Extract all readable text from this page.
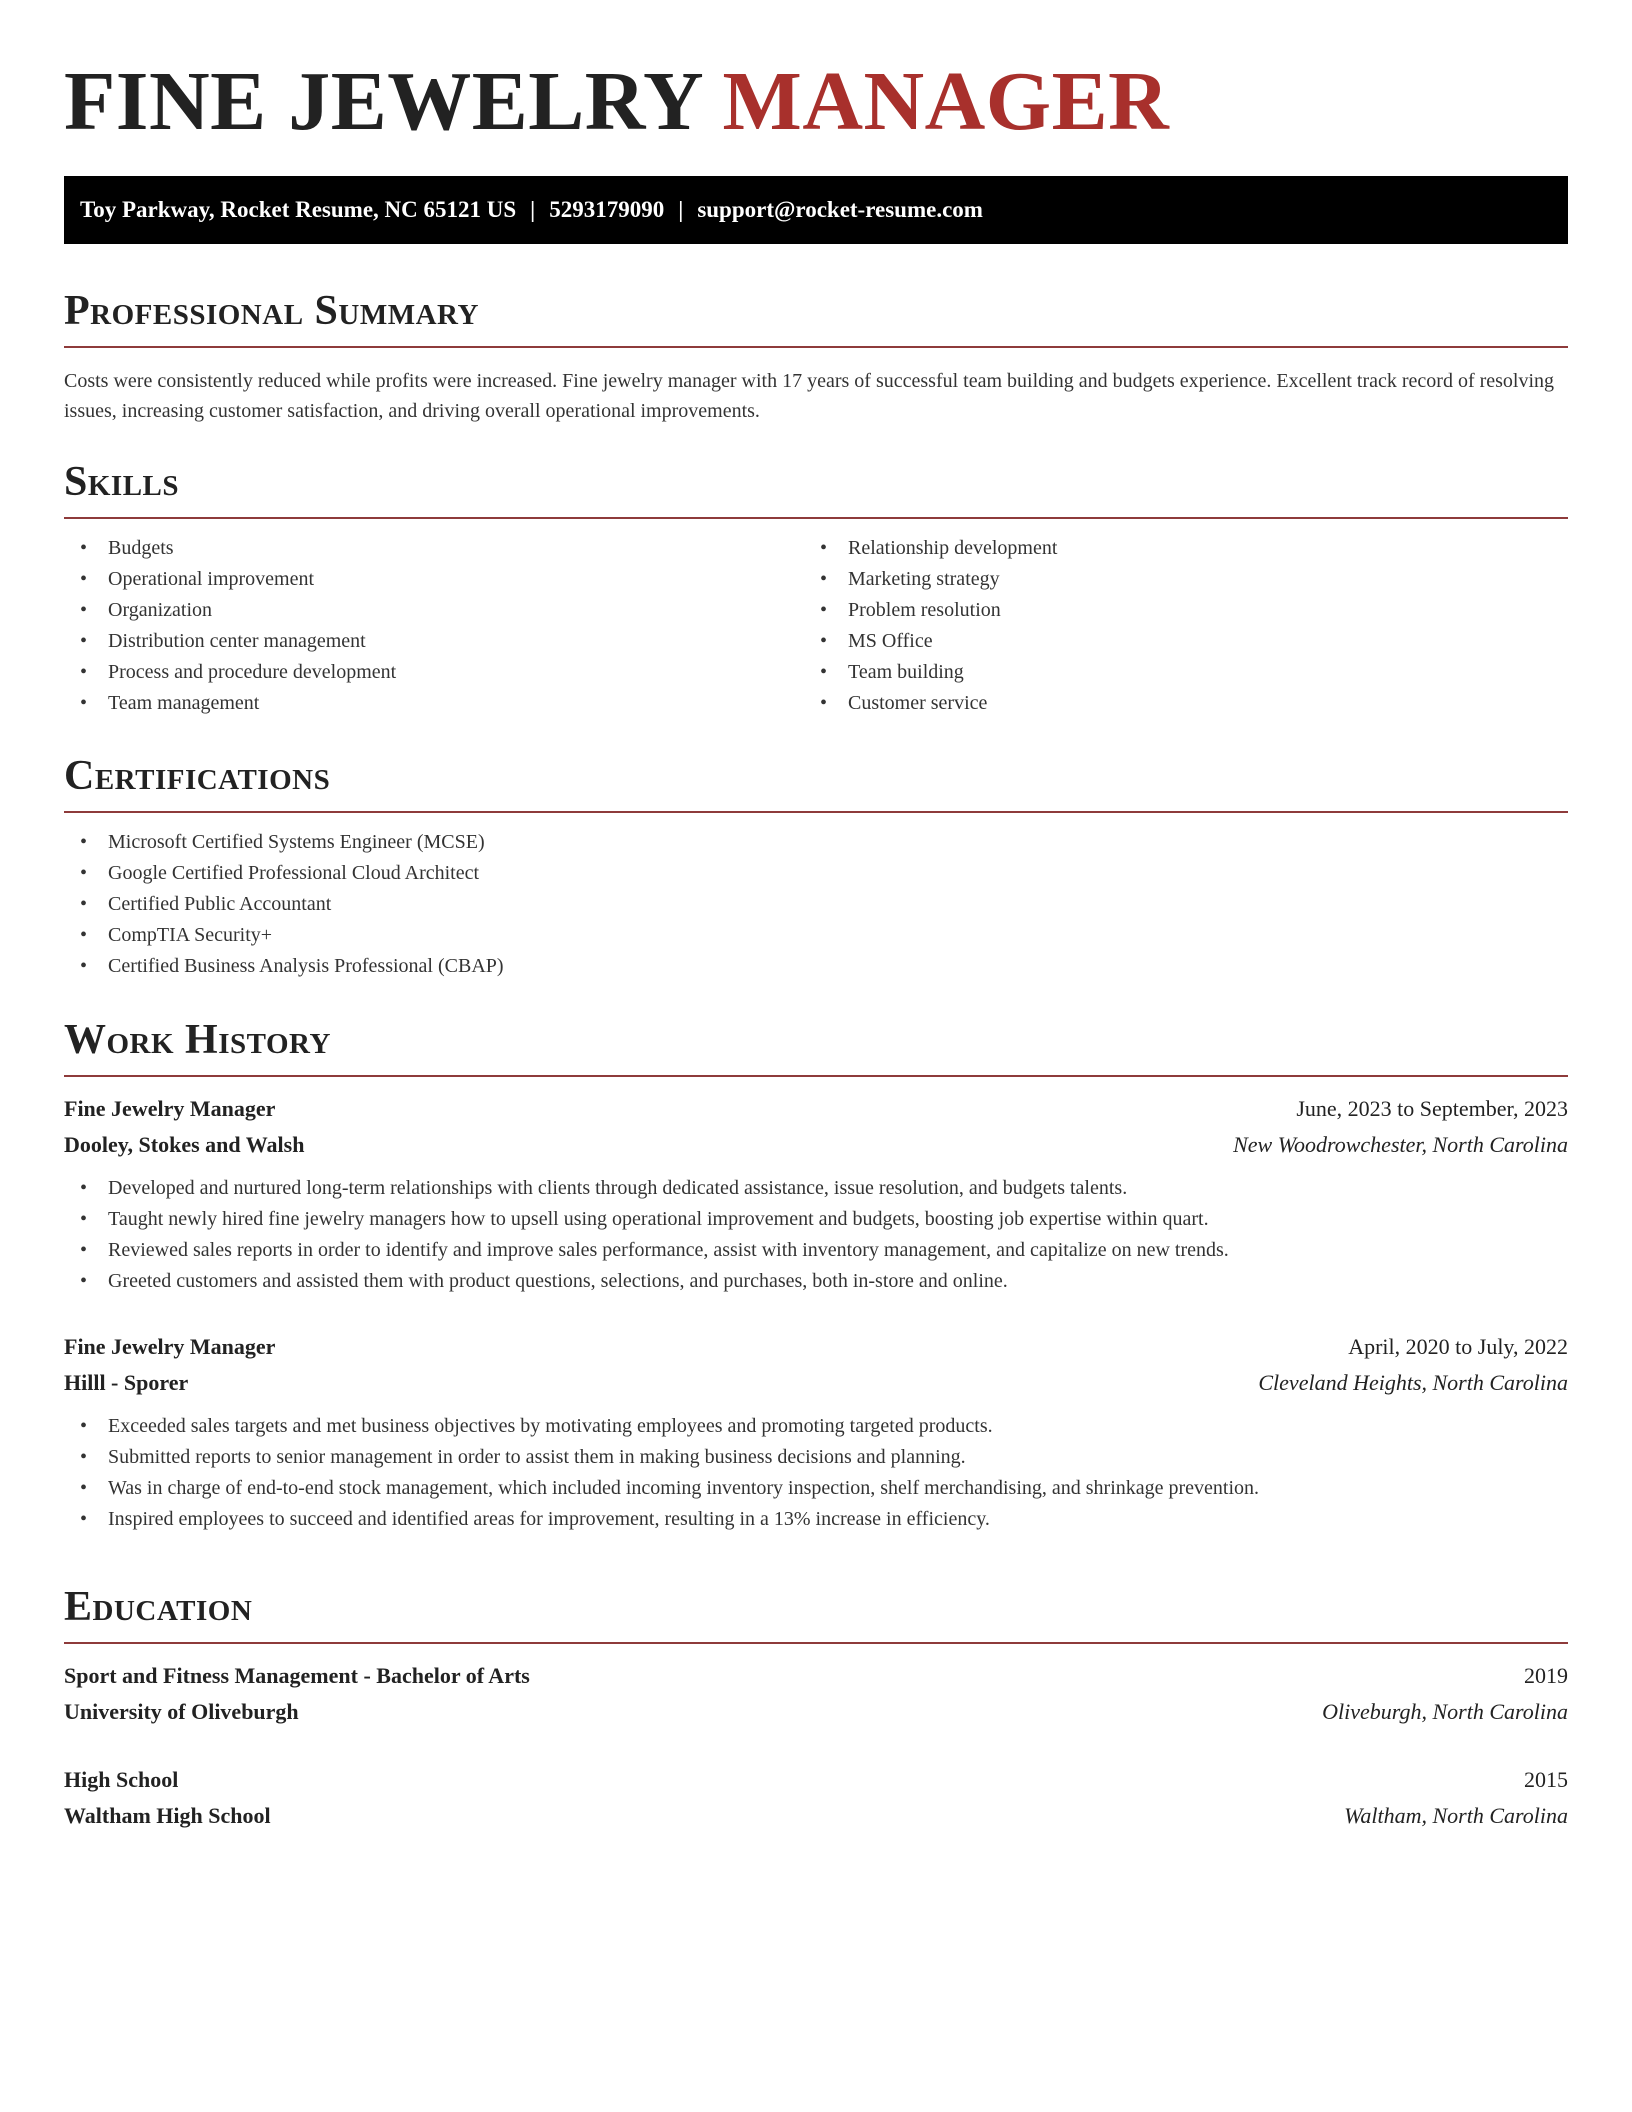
FINE JEWELRY MANAGER
Toy Parkway, Rocket Resume, NC 65121 US | 5293179090 | support@rocket-resume.com
Professional Summary

Costs were consistently reduced while profits were increased. Fine jewelry manager with 17 years of successful team building and budgets experience. Excellent track record of resolving issues, increasing customer satisfaction, and driving overall operational improvements.

Skills
• Budgets
• Operational improvement
• Organization
• Distribution center management
• Process and procedure development
• Team management
• Relationship development
• Marketing strategy
• Problem resolution
• MS Office
• Team building
• Customer service
Certifications
• Microsoft Certified Systems Engineer (MCSE)
• Google Certified Professional Cloud Architect
• Certified Public Accountant
• CompTIA Security+
• Certified Business Analysis Professional (CBAP)
Work History
Fine Jewelry Manager	June, 2023 to September, 2023
Dooley, Stokes and Walsh	New Woodrowchester, North Carolina
• Developed and nurtured long-term relationships with clients through dedicated assistance, issue resolution, and budgets talents.
• Taught newly hired fine jewelry managers how to upsell using operational improvement and budgets, boosting job expertise within quart.
• Reviewed sales reports in order to identify and improve sales performance, assist with inventory management, and capitalize on new trends.
• Greeted customers and assisted them with product questions, selections, and purchases, both in-store and online.
Fine Jewelry Manager	April, 2020 to July, 2022
Hilll - Sporer	Cleveland Heights, North Carolina
• Exceeded sales targets and met business objectives by motivating employees and promoting targeted products.
• Submitted reports to senior management in order to assist them in making business decisions and planning.
• Was in charge of end-to-end stock management, which included incoming inventory inspection, shelf merchandising, and shrinkage prevention.
• Inspired employees to succeed and identified areas for improvement, resulting in a 13% increase in efficiency.
Education
Sport and Fitness Management - Bachelor of Arts	2019
University of Oliveburgh	Oliveburgh, North Carolina
High School	2015
Waltham High School	Waltham, North Carolina
